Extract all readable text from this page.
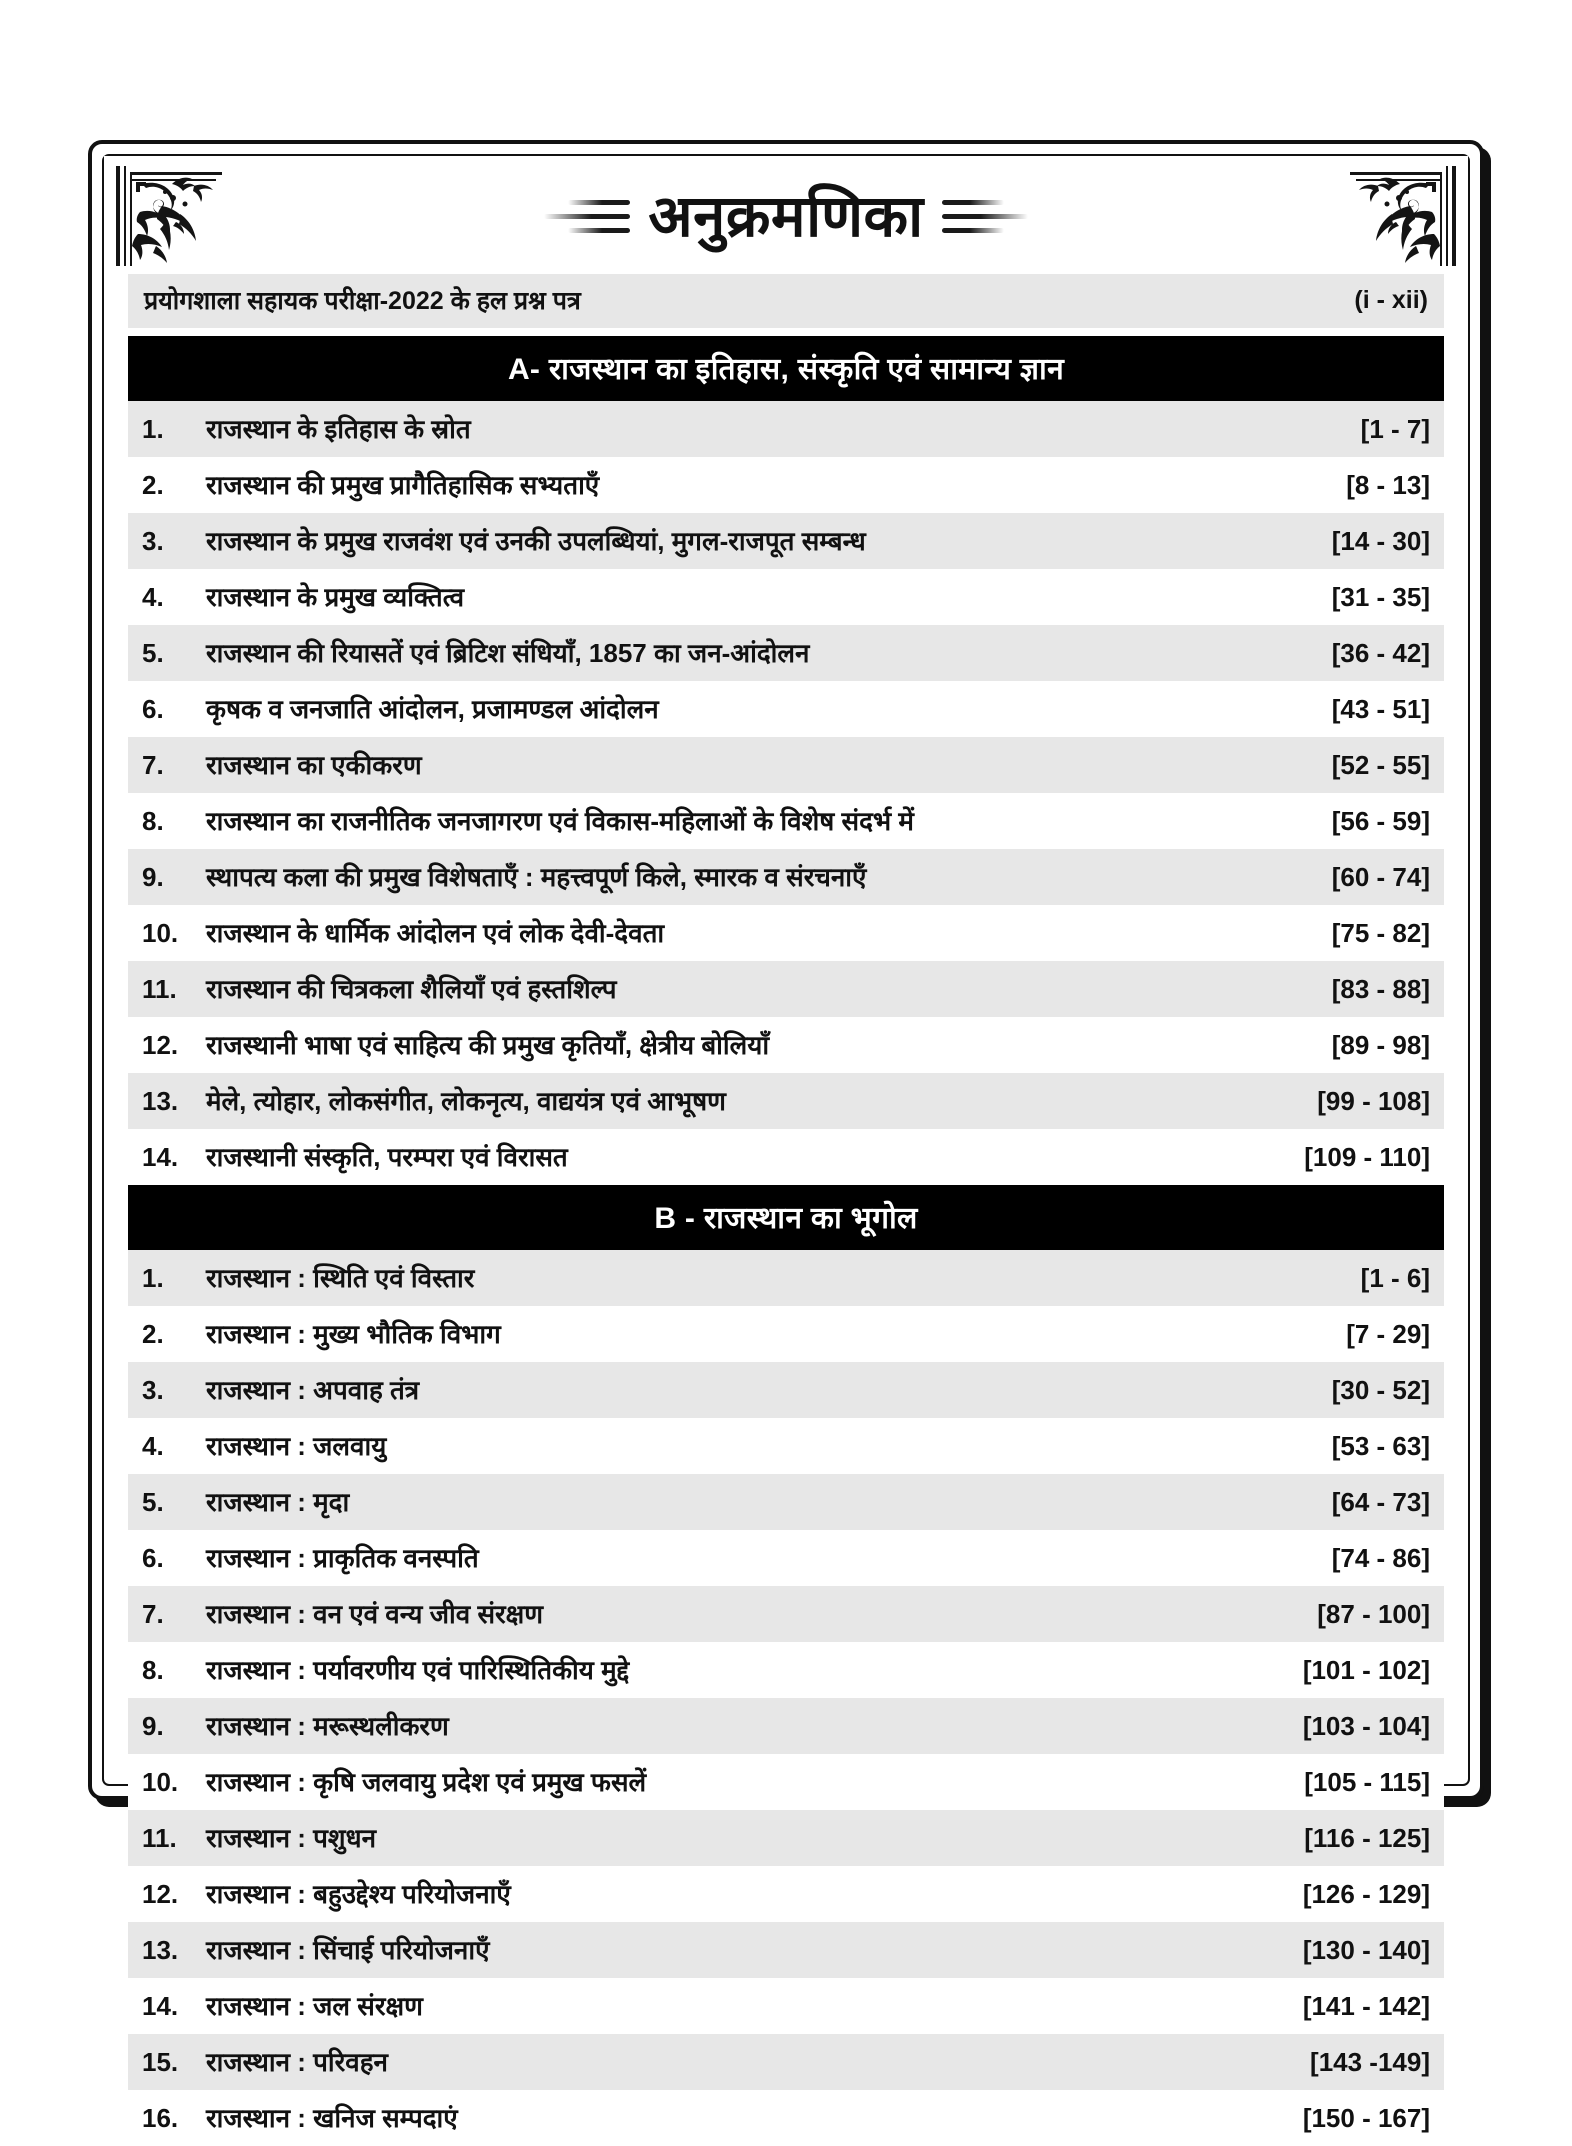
अनुक्रमणिका
प्रयोगशाला सहायक परीक्षा-2022 के हल प्रश्न पत्र	(i - xii)
A- राजस्थान का इतिहास, संस्कृति एवं सामान्य ज्ञान
1.	राजस्थान के इतिहास के स्रोत	[1 - 7]
2.	राजस्थान की प्रमुख प्रागैतिहासिक सभ्यताएँ	[8 - 13]
3.	राजस्थान के प्रमुख राजवंश एवं उनकी उपलब्धियां, मुगल-राजपूत सम्बन्ध	[14 - 30]
4.	राजस्थान के प्रमुख व्यक्तित्व	[31 - 35]
5.	राजस्थान की रियासतें एवं ब्रिटिश संधियाँ, 1857 का जन-आंदोलन	[36 - 42]
6.	कृषक व जनजाति आंदोलन, प्रजामण्डल आंदोलन	[43 - 51]
7.	राजस्थान का एकीकरण	[52 - 55]
8.	राजस्थान का राजनीतिक जनजागरण एवं विकास-महिलाओं के विशेष संदर्भ में	[56 - 59]
9.	स्थापत्य कला की प्रमुख विशेषताएँ : महत्त्वपूर्ण किले, स्मारक व संरचनाएँ	[60 - 74]
10.	राजस्थान के धार्मिक आंदोलन एवं लोक देवी-देवता	[75 - 82]
11.	राजस्थान की चित्रकला शैलियाँ एवं हस्तशिल्प	[83 - 88]
12.	राजस्थानी भाषा एवं साहित्य की प्रमुख कृतियाँ, क्षेत्रीय बोलियाँ	[89 - 98]
13.	मेले, त्योहार, लोकसंगीत, लोकनृत्य, वाद्ययंत्र एवं आभूषण	[99 - 108]
14.	राजस्थानी संस्कृति, परम्परा एवं विरासत	[109 - 110]
B - राजस्थान का भूगोल
1.	राजस्थान : स्थिति एवं विस्तार	[1 - 6]
2.	राजस्थान : मुख्य भौतिक विभाग	[7 - 29]
3.	राजस्थान : अपवाह तंत्र	[30 - 52]
4.	राजस्थान : जलवायु	[53 - 63]
5.	राजस्थान : मृदा	[64 - 73]
6.	राजस्थान : प्राकृतिक वनस्पति	[74 - 86]
7.	राजस्थान : वन एवं वन्य जीव संरक्षण	[87 - 100]
8.	राजस्थान : पर्यावरणीय एवं पारिस्थितिकीय मुद्दे	[101 - 102]
9.	राजस्थान : मरूस्थलीकरण	[103 - 104]
10.	राजस्थान : कृषि जलवायु प्रदेश एवं प्रमुख फसलें	[105 - 115]
11.	राजस्थान : पशुधन	[116 - 125]
12.	राजस्थान : बहुउद्देश्य परियोजनाएँ	[126 - 129]
13.	राजस्थान : सिंचाई परियोजनाएँ	[130 - 140]
14.	राजस्थान : जल संरक्षण	[141 - 142]
15.	राजस्थान : परिवहन	[143 -149]
16.	राजस्थान : खनिज सम्पदाएं	[150 - 167]
